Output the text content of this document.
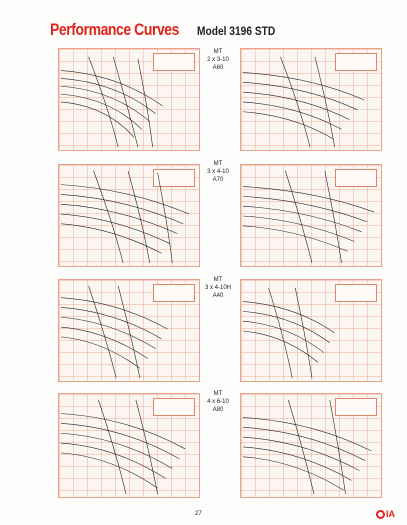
Performance Curves Model 3196 STD
MT
2 x 3-10
A60
MT
3 x 4-10
A70
MT
3 x 4-10H
A40
MT
4 x 6-10
A80
27	IA
